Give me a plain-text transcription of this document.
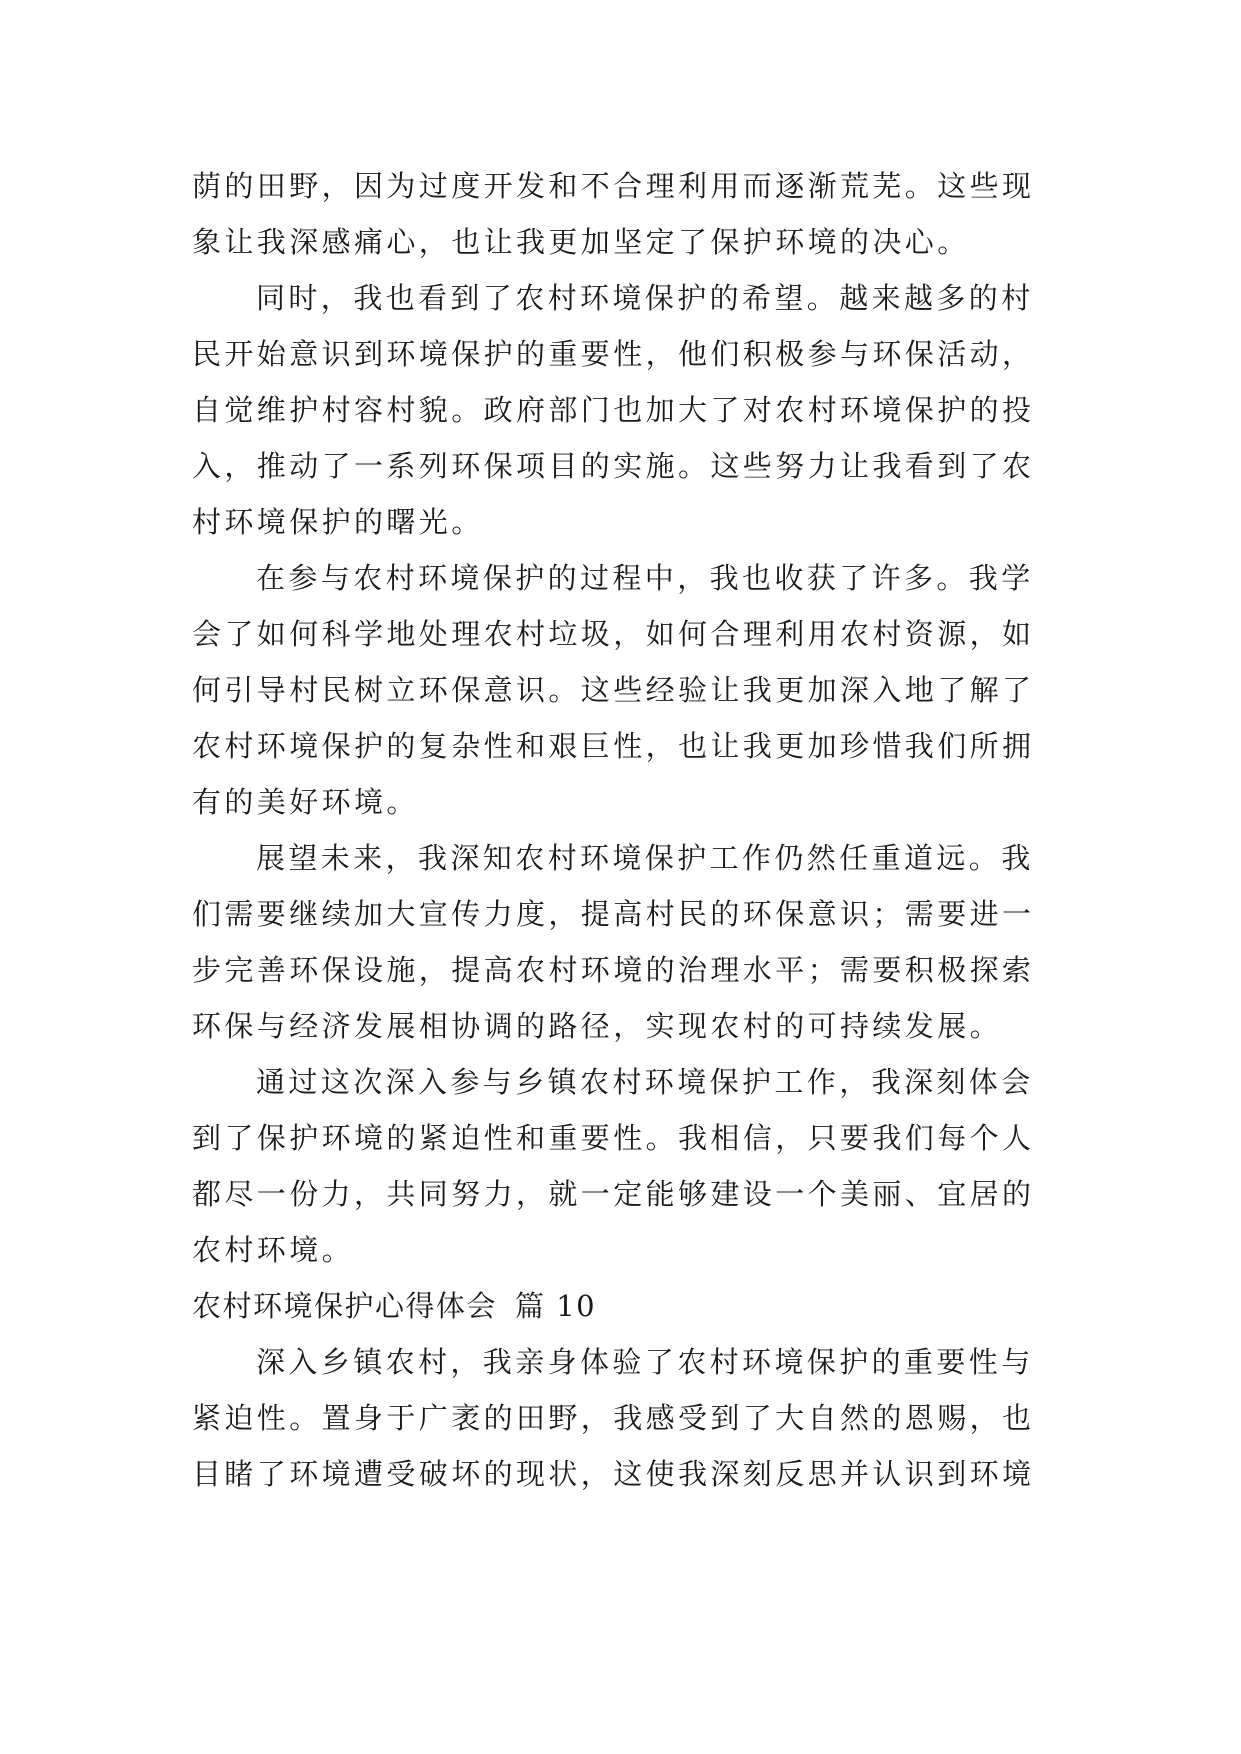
荫的田野，因为过度开发和不合理利用而逐渐荒芜。这些现
象让我深感痛心，也让我更加坚定了保护环境的决心。
同时，我也看到了农村环境保护的希望。越来越多的村
民开始意识到环境保护的重要性，他们积极参与环保活动，
自觉维护村容村貌。政府部门也加大了对农村环境保护的投
入，推动了一系列环保项目的实施。这些努力让我看到了农
村环境保护的曙光。
在参与农村环境保护的过程中，我也收获了许多。我学
会了如何科学地处理农村垃圾，如何合理利用农村资源，如
何引导村民树立环保意识。这些经验让我更加深入地了解了
农村环境保护的复杂性和艰巨性，也让我更加珍惜我们所拥
有的美好环境。
展望未来，我深知农村环境保护工作仍然任重道远。我
们需要继续加大宣传力度，提高村民的环保意识；需要进一
步完善环保设施，提高农村环境的治理水平；需要积极探索
环保与经济发展相协调的路径，实现农村的可持续发展。
通过这次深入参与乡镇农村环境保护工作，我深刻体会
到了保护环境的紧迫性和重要性。我相信，只要我们每个人
都尽一份力，共同努力，就一定能够建设一个美丽、宜居的
农村环境。
农村环境保护心得体会 篇 10
深入乡镇农村，我亲身体验了农村环境保护的重要性与
紧迫性。置身于广袤的田野，我感受到了大自然的恩赐，也
目睹了环境遭受破坏的现状，这使我深刻反思并认识到环境
